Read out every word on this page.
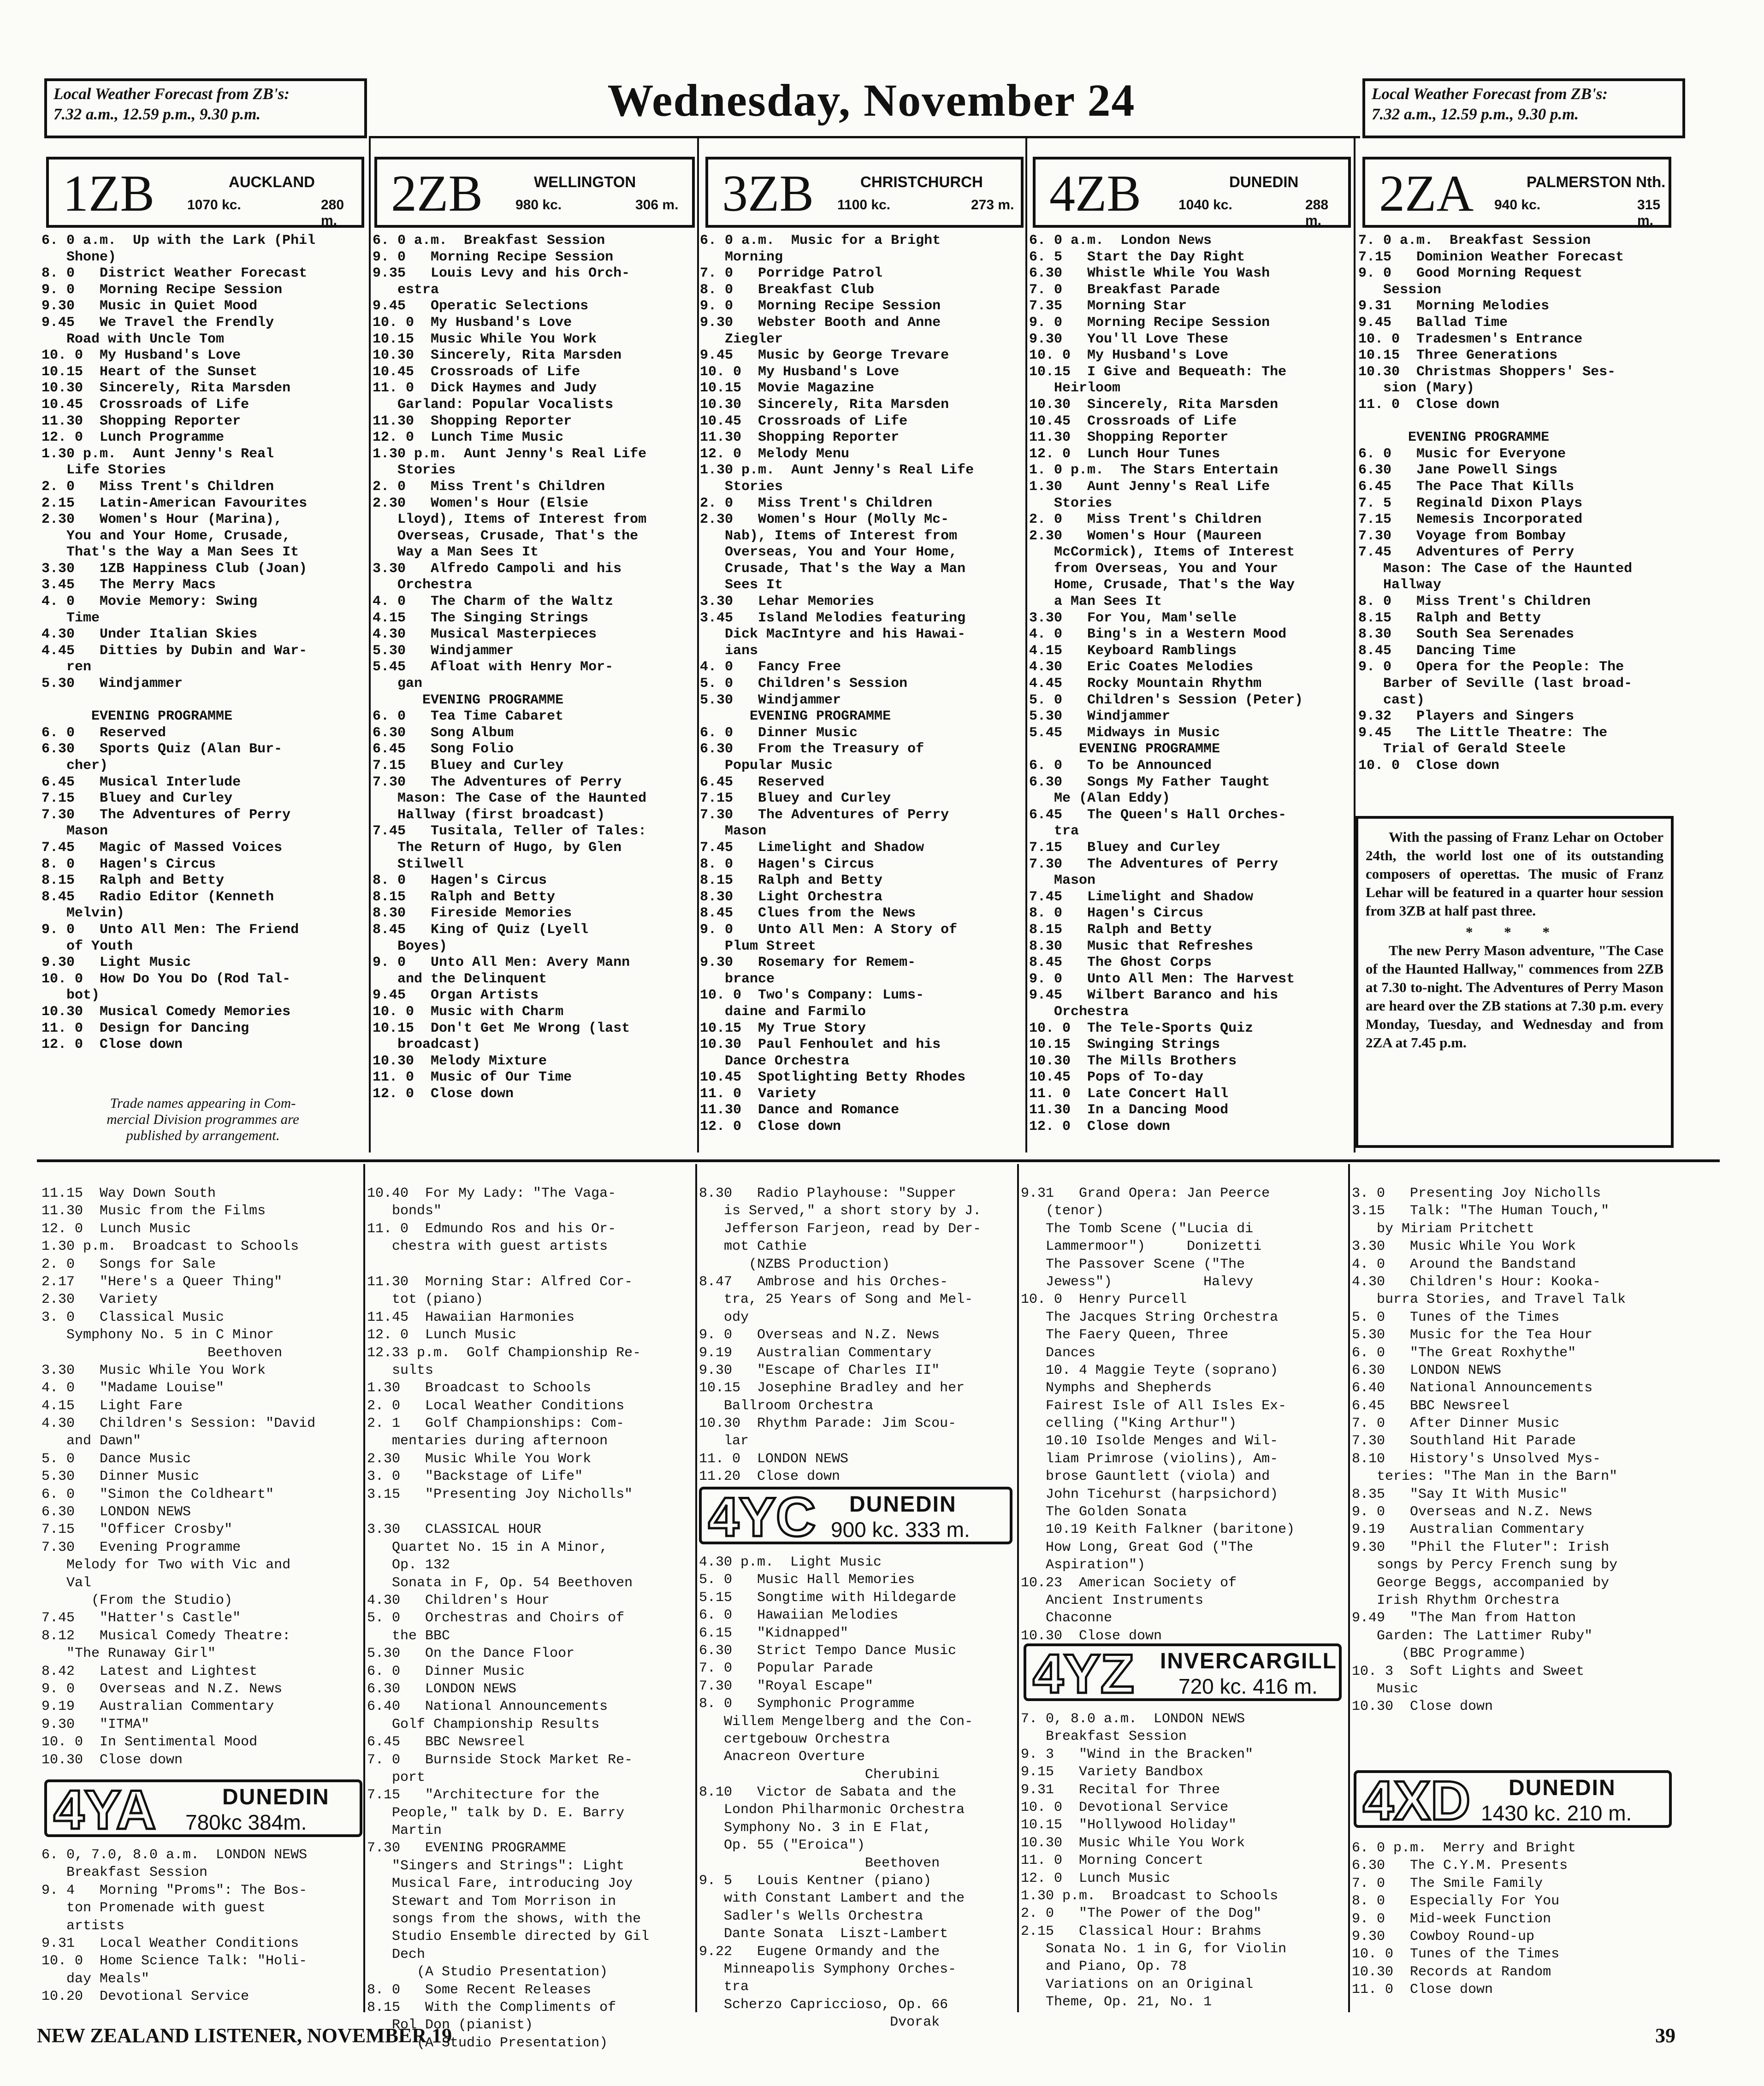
Local Weather Forecast from ZB's:
7.32 a.m., 12.59 p.m., 9.30 p.m.	Wednesday, November 24	Local Weather Forecast from ZB's:
7.32 a.m., 12.59 p.m., 9.30 p.m.
1ZB	AUCKLAND
1070 kc.	280 m.	2ZB	WELLINGTON
980 kc.	306 m. 3ZB	CHRISTCHURCH
1100 kc.	273 m. 4ZB	DUNEDIN
1040 kc.	288 m.	2ZA	PALMERSTON Nth.
940 kc.	315 m.
6. 0 a.m.  Up with the Lark (Phil
Shone)
8. 0   District Weather Forecast
9. 0   Morning Recipe Session
9.30   Music in Quiet Mood
9.45   We Travel the Frendly
Road with Uncle Tom
10. 0  My Husband's Love
10.15  Heart of the Sunset
10.30  Sincerely, Rita Marsden
10.45  Crossroads of Life
11.30  Shopping Reporter
12. 0  Lunch Programme
1.30 p.m.  Aunt Jenny's Real
Life Stories
2. 0   Miss Trent's Children
2.15   Latin-American Favourites
2.30   Women's Hour (Marina),
You and Your Home, Crusade,
That's the Way a Man Sees It
3.30   1ZB Happiness Club (Joan)
3.45   The Merry Macs
4. 0   Movie Memory: Swing
Time
4.30   Under Italian Skies
4.45   Ditties by Dubin and War-
ren
5.30   Windjammer
EVENING PROGRAMME
6. 0   Reserved
6.30   Sports Quiz (Alan Bur-
cher)
6.45   Musical Interlude
7.15   Bluey and Curley
7.30   The Adventures of Perry
Mason
7.45   Magic of Massed Voices
8. 0   Hagen's Circus
8.15   Ralph and Betty
8.45   Radio Editor (Kenneth
Melvin)
9. 0   Unto All Men: The Friend
of Youth
9.30   Light Music
10. 0  How Do You Do (Rod Tal-
bot)
10.30  Musical Comedy Memories
11. 0  Design for Dancing
12. 0  Close down
6. 0 a.m.  Breakfast Session
9. 0   Morning Recipe Session
9.35   Louis Levy and his Orch-
estra
9.45   Operatic Selections
10. 0  My Husband's Love
10.15  Music While You Work
10.30  Sincerely, Rita Marsden
10.45  Crossroads of Life
11. 0  Dick Haymes and Judy
Garland: Popular Vocalists
11.30  Shopping Reporter
12. 0  Lunch Time Music
1.30 p.m.  Aunt Jenny's Real Life
Stories
2. 0   Miss Trent's Children
2.30   Women's Hour (Elsie
Lloyd), Items of Interest from
Overseas, Crusade, That's the
Way a Man Sees It
3.30   Alfredo Campoli and his
Orchestra
4. 0   The Charm of the Waltz
4.15   The Singing Strings
4.30   Musical Masterpieces
5.30   Windjammer
5.45   Afloat with Henry Mor-
gan
EVENING PROGRAMME
6. 0   Tea Time Cabaret
6.30   Song Album
6.45   Song Folio
7.15   Bluey and Curley
7.30   The Adventures of Perry
Mason: The Case of the Haunted
Hallway (first broadcast)
7.45   Tusitala, Teller of Tales:
The Return of Hugo, by Glen
Stilwell
8. 0   Hagen's Circus
8.15   Ralph and Betty
8.30   Fireside Memories
8.45   King of Quiz (Lyell
Boyes)
9. 0   Unto All Men: Avery Mann
and the Delinquent
9.45   Organ Artists
10. 0  Music with Charm
10.15  Don't Get Me Wrong (last
broadcast)
10.30  Melody Mixture
11. 0  Music of Our Time
12. 0  Close down
6. 0 a.m.  Music for a Bright
Morning
7. 0   Porridge Patrol
8. 0   Breakfast Club
9. 0   Morning Recipe Session
9.30   Webster Booth and Anne
Ziegler
9.45   Music by George Trevare
10. 0  My Husband's Love
10.15  Movie Magazine
10.30  Sincerely, Rita Marsden
10.45  Crossroads of Life
11.30  Shopping Reporter
12. 0  Melody Menu
1.30 p.m.  Aunt Jenny's Real Life
Stories
2. 0   Miss Trent's Children
2.30   Women's Hour (Molly Mc-
Nab), Items of Interest from
Overseas, You and Your Home,
Crusade, That's the Way a Man
Sees It
3.30   Lehar Memories
3.45   Island Melodies featuring
Dick MacIntyre and his Hawai-
ians
4. 0   Fancy Free
5. 0   Children's Session
5.30   Windjammer
EVENING PROGRAMME
6. 0   Dinner Music
6.30   From the Treasury of
Popular Music
6.45   Reserved
7.15   Bluey and Curley
7.30   The Adventures of Perry
Mason
7.45   Limelight and Shadow
8. 0   Hagen's Circus
8.15   Ralph and Betty
8.30   Light Orchestra
8.45   Clues from the News
9. 0   Unto All Men: A Story of
Plum Street
9.30   Rosemary for Remem-
brance
10. 0  Two's Company: Lums-
daine and Farmilo
10.15  My True Story
10.30  Paul Fenhoulet and his
Dance Orchestra
10.45  Spotlighting Betty Rhodes
11. 0  Variety
11.30  Dance and Romance
12. 0  Close down
6. 0 a.m.  London News
6. 5   Start the Day Right
6.30   Whistle While You Wash
7. 0   Breakfast Parade
7.35   Morning Star
9. 0   Morning Recipe Session
9.30   You'll Love These
10. 0  My Husband's Love
10.15  I Give and Bequeath: The
Heirloom
10.30  Sincerely, Rita Marsden
10.45  Crossroads of Life
11.30  Shopping Reporter
12. 0  Lunch Hour Tunes
1. 0 p.m.  The Stars Entertain
1.30   Aunt Jenny's Real Life
Stories
2. 0   Miss Trent's Children
2.30   Women's Hour (Maureen
McCormick), Items of Interest
from Overseas, You and Your
Home, Crusade, That's the Way
a Man Sees It
3.30   For You, Mam'selle
4. 0   Bing's in a Western Mood
4.15   Keyboard Ramblings
4.30   Eric Coates Melodies
4.45   Rocky Mountain Rhythm
5. 0   Children's Session (Peter)
5.30   Windjammer
5.45   Midways in Music
EVENING PROGRAMME
6. 0   To be Announced
6.30   Songs My Father Taught
Me (Alan Eddy)
6.45   The Queen's Hall Orches-
tra
7.15   Bluey and Curley
7.30   The Adventures of Perry
Mason
7.45   Limelight and Shadow
8. 0   Hagen's Circus
8.15   Ralph and Betty
8.30   Music that Refreshes
8.45   The Ghost Corps
9. 0   Unto All Men: The Harvest
9.45   Wilbert Baranco and his
Orchestra
10. 0  The Tele-Sports Quiz
10.15  Swinging Strings
10.30  The Mills Brothers
10.45  Pops of To-day
11. 0  Late Concert Hall
11.30  In a Dancing Mood
12. 0  Close down
7. 0 a.m.  Breakfast Session
7.15   Dominion Weather Forecast
9. 0   Good Morning Request
Session
9.31   Morning Melodies
9.45   Ballad Time
10. 0  Tradesmen's Entrance
10.15  Three Generations
10.30  Christmas Shoppers' Ses-
sion (Mary)
11. 0  Close down
EVENING PROGRAMME
6. 0   Music for Everyone
6.30   Jane Powell Sings
6.45   The Pace That Kills
7. 5   Reginald Dixon Plays
7.15   Nemesis Incorporated
7.30   Voyage from Bombay
7.45   Adventures of Perry
Mason: The Case of the Haunted
Hallway
8. 0   Miss Trent's Children
8.15   Ralph and Betty
8.30   South Sea Serenades
8.45   Dancing Time
9. 0   Opera for the People: The
Barber of Seville (last broad-
cast)
9.32   Players and Singers
9.45   The Little Theatre: The
Trial of Gerald Steele
10. 0  Close down
Trade names appearing in Com-
mercial Division programmes are
published by arrangement.

With the passing of Franz Lehar on October 24th, the world lost one of its outstanding composers of operettas. The music of Franz Lehar will be featured in a quarter hour session from 3ZB at half past three.

* * *

The new Perry Mason adventure, "The Case of the Haunted Hallway," commences from 2ZB at 7.30 to-night. The Adventures of Perry Mason are heard over the ZB stations at 7.30 p.m. every Monday, Tuesday, and Wednesday and from 2ZA at 7.45 p.m.

4YA	DUNEDIN
780kc 384m.
4YC DUNEDIN
900 kc. 333 m.
4YZ INVERCARGILL
720 kc. 416 m.
4XD DUNEDIN
1430 kc. 210 m.
11.15  Way Down South
11.30  Music from the Films
12. 0  Lunch Music
1.30 p.m.  Broadcast to Schools
2. 0   Songs for Sale
2.17   "Here's a Queer Thing"
2.30   Variety
3. 0   Classical Music
Symphony No. 5 in C Minor
Beethoven
3.30   Music While You Work
4. 0   "Madame Louise"
4.15   Light Fare
4.30   Children's Session: "David
and Dawn"
5. 0   Dance Music
5.30   Dinner Music
6. 0   "Simon the Coldheart"
6.30   LONDON NEWS
7.15   "Officer Crosby"
7.30   Evening Programme
Melody for Two with Vic and
Val
(From the Studio)
7.45   "Hatter's Castle"
8.12   Musical Comedy Theatre:
"The Runaway Girl"
8.42   Latest and Lightest
9. 0   Overseas and N.Z. News
9.19   Australian Commentary
9.30   "ITMA"
10. 0  In Sentimental Mood
10.30  Close down
10.40  For My Lady: "The Vaga-
bonds"
11. 0  Edmundo Ros and his Or-
chestra with guest artists
11.30  Morning Star: Alfred Cor-
tot (piano)
11.45  Hawaiian Harmonies
12. 0  Lunch Music
12.33 p.m.  Golf Championship Re-
sults
1.30   Broadcast to Schools
2. 0   Local Weather Conditions
2. 1   Golf Championships: Com-
mentaries during afternoon
2.30   Music While You Work
3. 0   "Backstage of Life"
3.15   "Presenting Joy Nicholls"
3.30   CLASSICAL HOUR
Quartet No. 15 in A Minor,
Op. 132
Sonata in F, Op. 54 Beethoven
4.30   Children's Hour
5. 0   Orchestras and Choirs of
the BBC
5.30   On the Dance Floor
6. 0   Dinner Music
6.30   LONDON NEWS
6.40   National Announcements
Golf Championship Results
6.45   BBC Newsreel
7. 0   Burnside Stock Market Re-
port
7.15   "Architecture for the
People," talk by D. E. Barry
Martin
7.30   EVENING PROGRAMME
"Singers and Strings": Light
Musical Fare, introducing Joy
Stewart and Tom Morrison in
songs from the shows, with the
Studio Ensemble directed by Gil
Dech
(A Studio Presentation)
8. 0   Some Recent Releases
8.15   With the Compliments of
Rol Don (pianist)
(A Studio Presentation)
8.30   Radio Playhouse: "Supper
is Served," a short story by J.
Jefferson Farjeon, read by Der-
mot Cathie
(NZBS Production)
8.47   Ambrose and his Orches-
tra, 25 Years of Song and Mel-
ody
9. 0   Overseas and N.Z. News
9.19   Australian Commentary
9.30   "Escape of Charles II"
10.15  Josephine Bradley and her
Ballroom Orchestra
10.30  Rhythm Parade: Jim Scou-
lar
11. 0  LONDON NEWS
11.20  Close down
4.30 p.m.  Light Music
5. 0   Music Hall Memories
5.15   Songtime with Hildegarde
6. 0   Hawaiian Melodies
6.15   "Kidnapped"
6.30   Strict Tempo Dance Music
7. 0   Popular Parade
7.30   "Royal Escape"
8. 0   Symphonic Programme
Willem Mengelberg and the Con-
certgebouw Orchestra
Anacreon Overture
Cherubini
8.10   Victor de Sabata and the
London Philharmonic Orchestra
Symphony No. 3 in E Flat,
Op. 55 ("Eroica")
Beethoven
9. 5   Louis Kentner (piano)
with Constant Lambert and the
Sadler's Wells Orchestra
Dante Sonata  Liszt-Lambert
9.22   Eugene Ormandy and the
Minneapolis Symphony Orches-
tra
Scherzo Capriccioso, Op. 66
Dvorak
9.31   Grand Opera: Jan Peerce
(tenor)
The Tomb Scene ("Lucia di
Lammermoor")     Donizetti
The Passover Scene ("The
Jewess")           Halevy
10. 0  Henry Purcell
The Jacques String Orchestra
The Faery Queen, Three
Dances
10. 4 Maggie Teyte (soprano)
Nymphs and Shepherds
Fairest Isle of All Isles Ex-
celling ("King Arthur")
10.10 Isolde Menges and Wil-
liam Primrose (violins), Am-
brose Gauntlett (viola) and
John Ticehurst (harpsichord)
The Golden Sonata
10.19 Keith Falkner (baritone)
How Long, Great God ("The
Aspiration")
10.23  American Society of
Ancient Instruments
Chaconne
10.30  Close down
7. 0, 8.0 a.m.  LONDON NEWS
Breakfast Session
9. 3   "Wind in the Bracken"
9.15   Variety Bandbox
9.31   Recital for Three
10. 0  Devotional Service
10.15  "Hollywood Holiday"
10.30  Music While You Work
11. 0  Morning Concert
12. 0  Lunch Music
1.30 p.m.  Broadcast to Schools
2. 0   "The Power of the Dog"
2.15   Classical Hour: Brahms
Sonata No. 1 in G, for Violin
and Piano, Op. 78
Variations on an Original
Theme, Op. 21, No. 1
3. 0   Presenting Joy Nicholls
3.15   Talk: "The Human Touch,"
by Miriam Pritchett
3.30   Music While You Work
4. 0   Around the Bandstand
4.30   Children's Hour: Kooka-
burra Stories, and Travel Talk
5. 0   Tunes of the Times
5.30   Music for the Tea Hour
6. 0   "The Great Roxhythe"
6.30   LONDON NEWS
6.40   National Announcements
6.45   BBC Newsreel
7. 0   After Dinner Music
7.30   Southland Hit Parade
8.10   History's Unsolved Mys-
teries: "The Man in the Barn"
8.35   "Say It With Music"
9. 0   Overseas and N.Z. News
9.19   Australian Commentary
9.30   "Phil the Fluter": Irish
songs by Percy French sung by
George Beggs, accompanied by
Irish Rhythm Orchestra
9.49   "The Man from Hatton
Garden: The Lattimer Ruby"
(BBC Programme)
10. 3  Soft Lights and Sweet
Music
10.30  Close down
6. 0 p.m.  Merry and Bright
6.30   The C.Y.M. Presents
7. 0   The Smile Family
8. 0   Especially For You
9. 0   Mid-week Function
9.30   Cowboy Round-up
10. 0  Tunes of the Times
10.30  Records at Random
11. 0  Close down
6. 0, 7.0, 8.0 a.m.  LONDON NEWS
Breakfast Session
9. 4   Morning "Proms": The Bos-
ton Promenade with guest
artists
9.31   Local Weather Conditions
10. 0  Home Science Talk: "Holi-
day Meals"
10.20  Devotional Service
NEW ZEALAND LISTENER, NOVEMBER 19	39
